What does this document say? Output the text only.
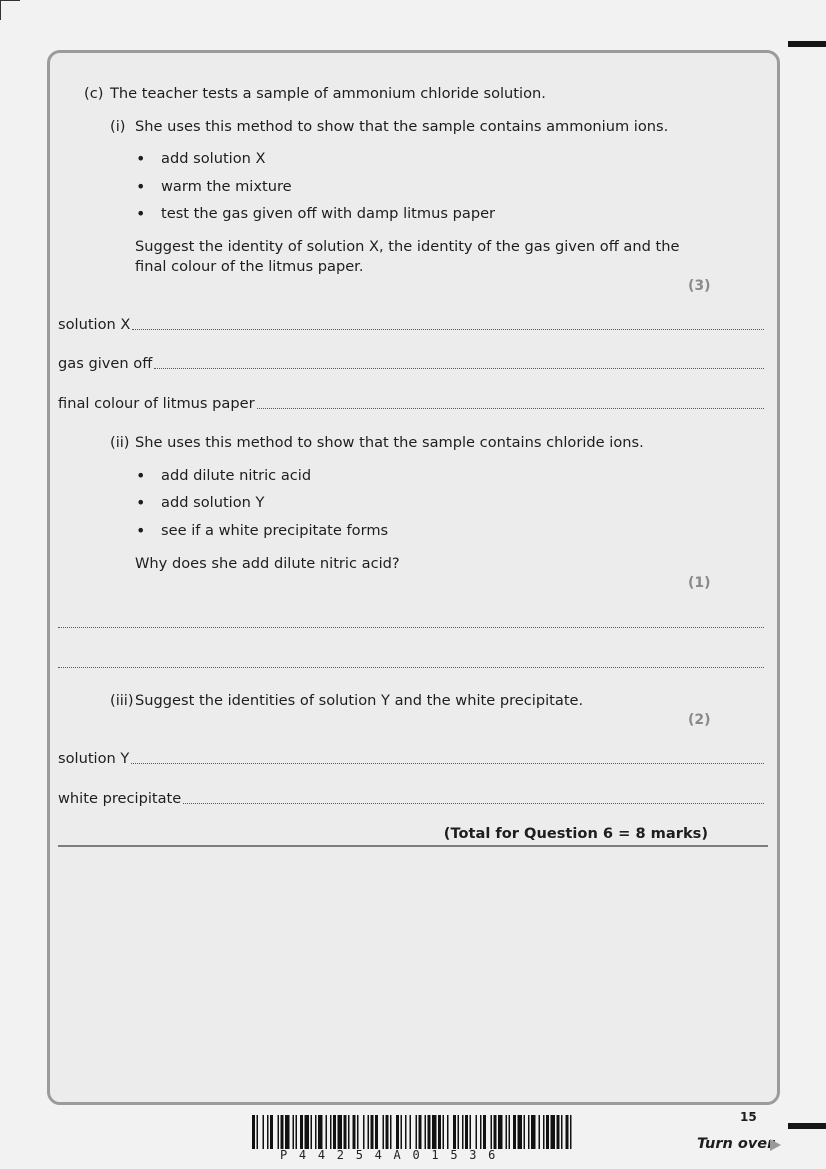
(c) The teacher tests a sample of ammonium chloride solution.
(i) She uses this method to show that the sample contains ammonium ions.
• add solution X
• warm the mixture
• test the gas given off with damp litmus paper
Suggest the identity of solution X, the identity of the gas given off and the
final colour of the litmus paper.
(3)
solution X
gas given off
final colour of litmus paper
(ii) She uses this method to show that the sample contains chloride ions.
• add dilute nitric acid
• add solution Y
• see if a white precipitate forms
Why does she add dilute nitric acid?
(1)
(iii) Suggest the identities of solution Y and the white precipitate.
(2)
solution Y
white precipitate
(Total for Question 6 = 8 marks)
P44254A01536
15
Turn over
